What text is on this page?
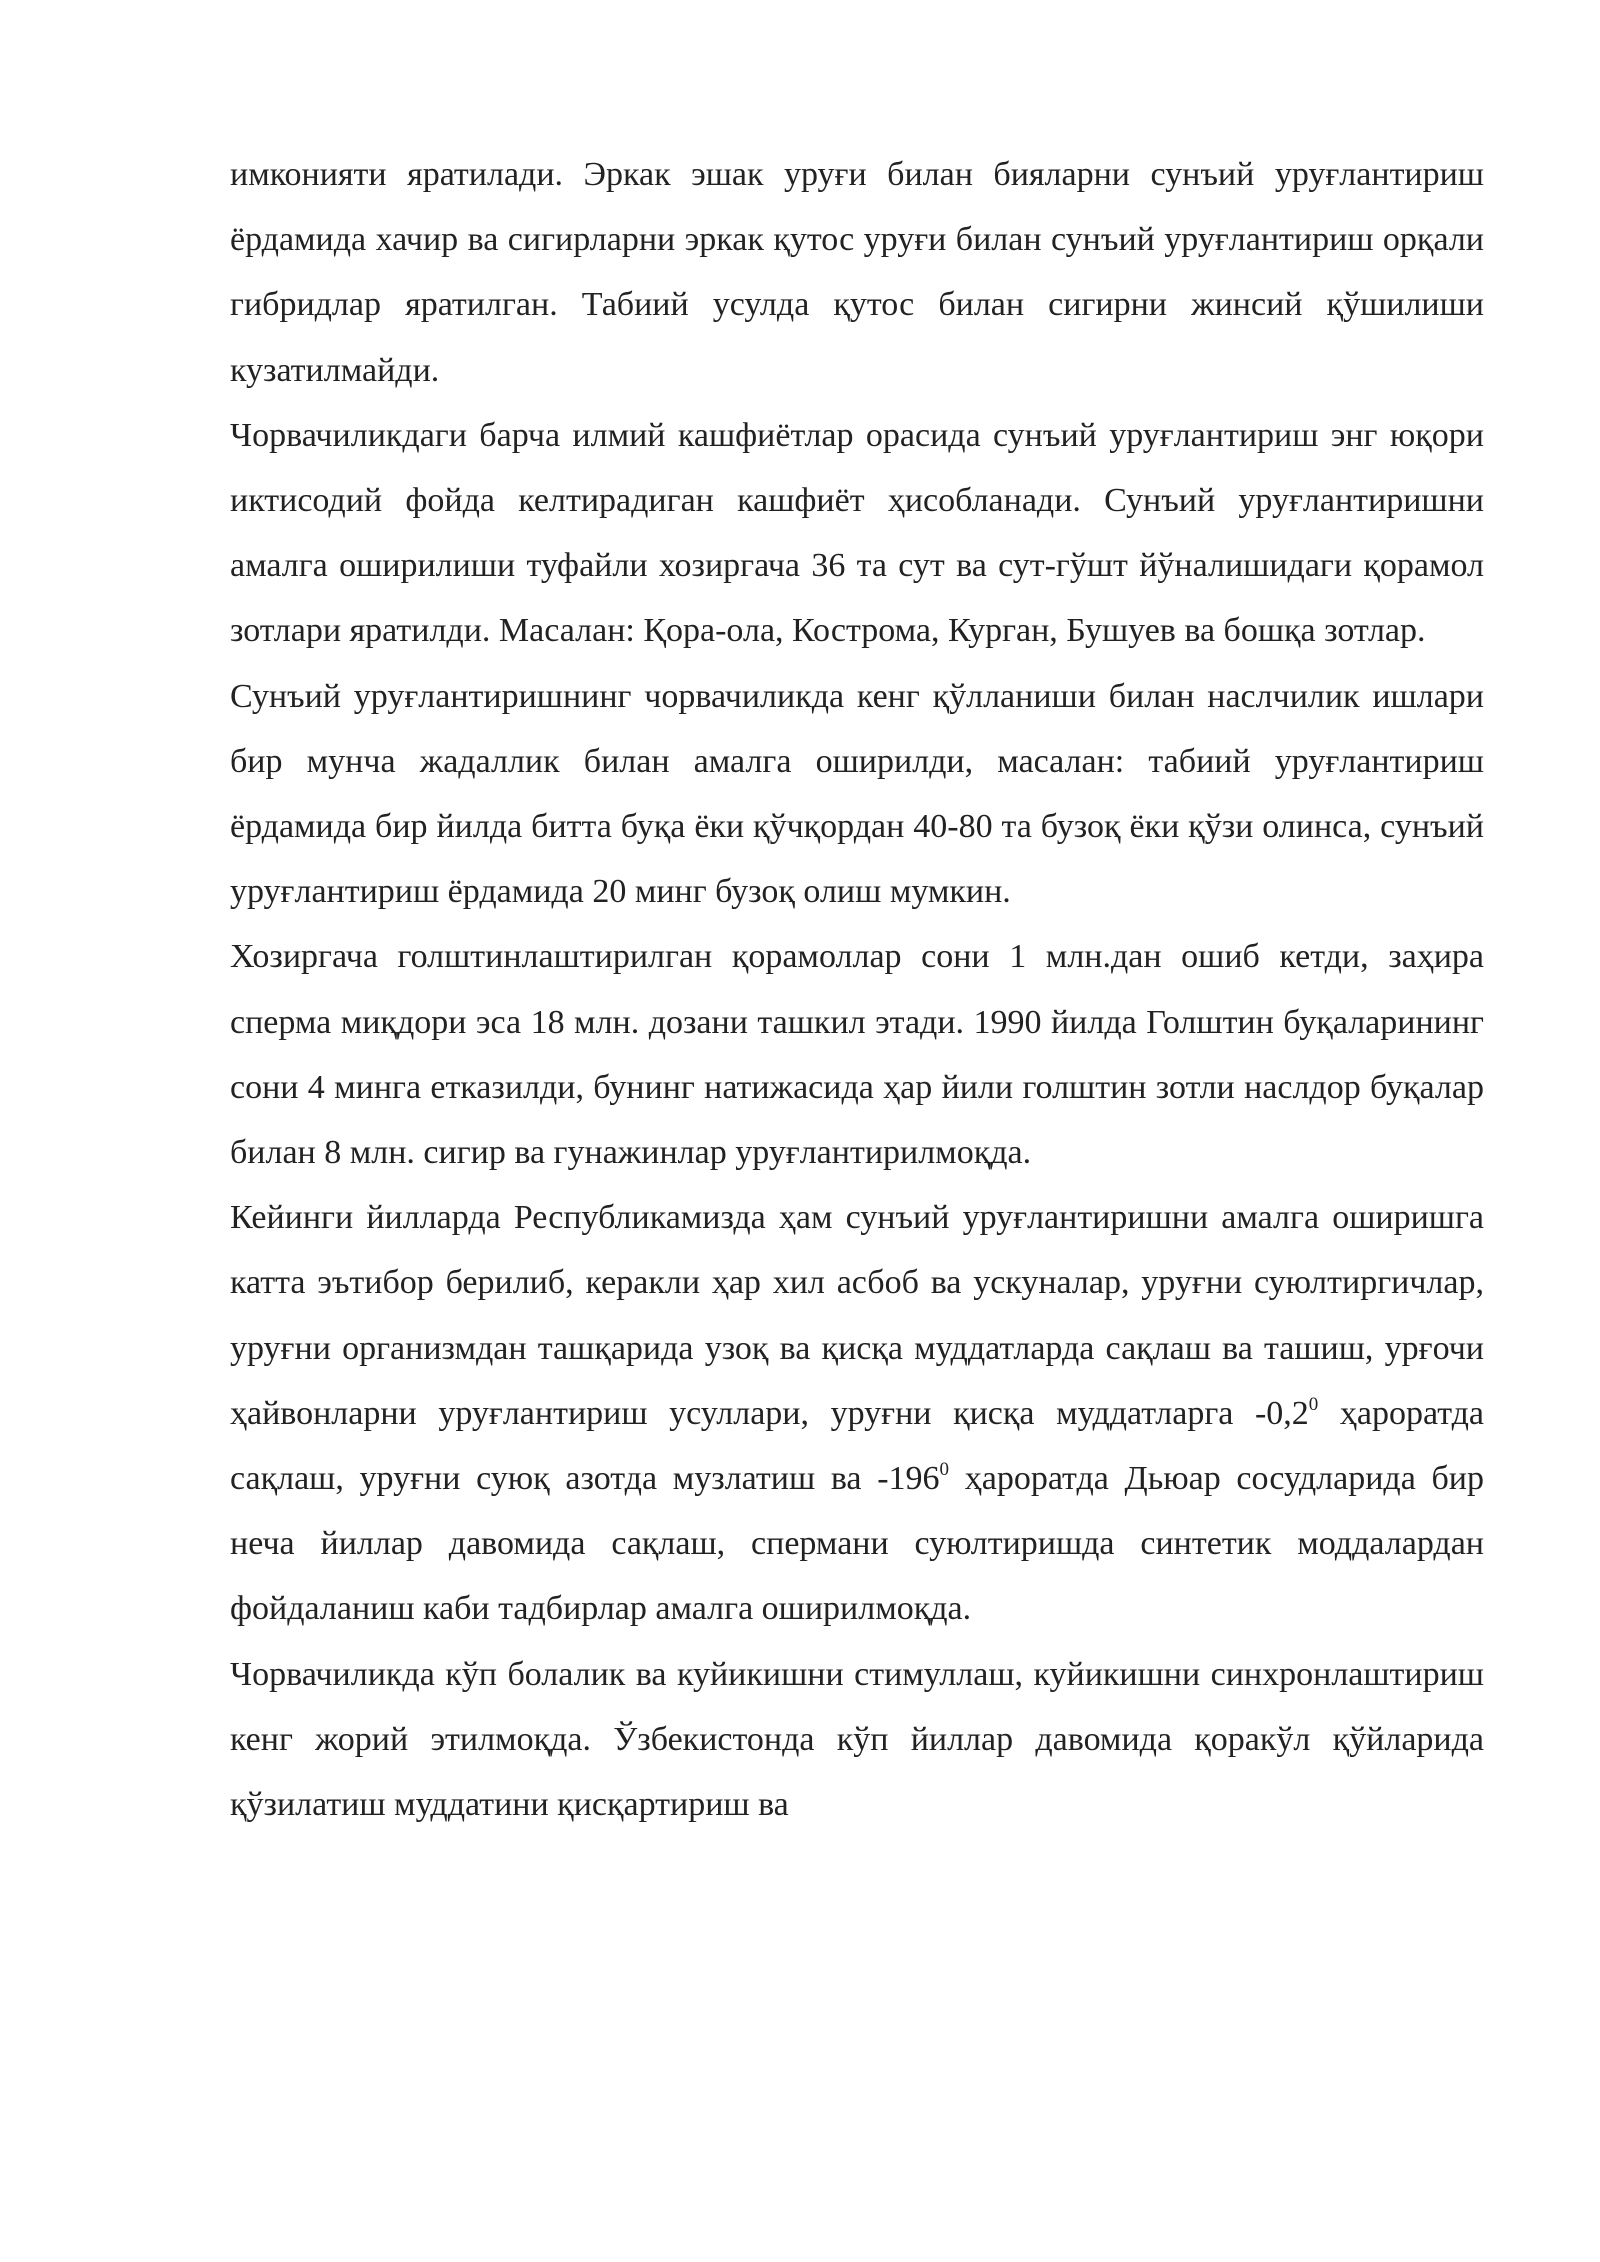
имконияти яратилади. Эркак эшак уруғи билан бияларни сунъий уруғлантириш ёрдамида хачир ва сигирларни эркак қутос уруғи билан сунъий уруғлантириш орқали гибридлар яратилган. Табиий усулда қутос билан сигирни жинсий қўшилиши кузатилмайди.

Чорвачиликдаги барча илмий кашфиётлар орасида сунъий уруғлантириш энг юқори иктисодий фойда келтирадиган кашфиёт ҳисобланади. Сунъий уруғлантиришни амалга оширилиши туфайли хозиргача 36 та сут ва сут-гўшт йўналишидаги қорамол зотлари яратилди. Масалан: Қора-ола, Кострома, Курган, Бушуев ва бошқа зотлар.

Сунъий уруғлантиришнинг чорвачиликда кенг қўлланиши билан наслчилик ишлари бир мунча жадаллик билан амалга оширилди, масалан: табиий уруғлантириш ёрдамида бир йилда битта буқа ёки қўчқордан 40-80 та бузоқ ёки қўзи олинса, сунъий уруғлантириш ёрдамида 20 минг бузоқ олиш мумкин.

Хозиргача голштинлаштирилган қорамоллар сони 1 млн.дан ошиб кетди, заҳира сперма миқдори эса 18 млн. дозани ташкил этади. 1990 йилда Голштин буқаларининг сони 4 минга етказилди, бунинг натижасида ҳар йили голштин зотли наслдор буқалар билан 8 млн. сигир ва гунажинлар уруғлантирилмоқда.

Кейинги йилларда Республикамизда ҳам сунъий уруғлантиришни амалга оширишга катта эътибор берилиб, керакли ҳар хил асбоб ва ускуналар, уруғни суюлтиргичлар, уруғни организмдан ташқарида узоқ ва қисқа муддатларда сақлаш ва ташиш, урғочи ҳайвонларни уруғлантириш усуллари, уруғни қисқа муддатларга $-0,2^0$ ҳароратда сақлаш, уруғни суюқ азотда музлатиш ва $-196^0$ ҳароратда Дьюар сосудларида бир неча йиллар давомида сақлаш, спермани суюлтиришда синтетик моддалардан фойдаланиш каби тадбирлар амалга оширилмоқда.

Чорвачиликда кўп болалик ва куйикишни стимуллаш, куйикишни синхронлаштириш кенг жорий этилмоқда. Ўзбекистонда кўп йиллар давомида қоракўл қўйларида қўзилатиш муддатини қисқартириш ва
